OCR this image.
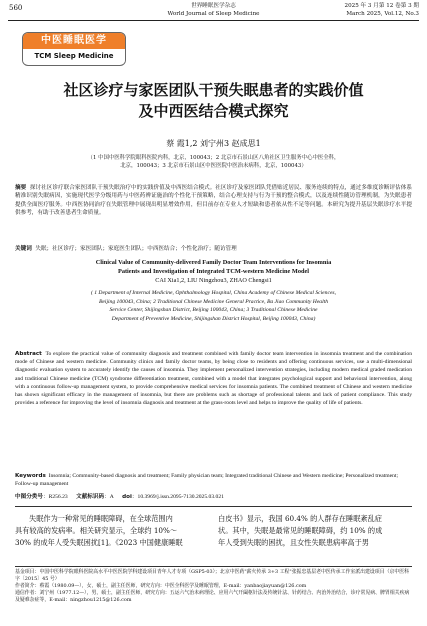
560	世界睡眠医学杂志
World Journal of Sleep Medicine
2025 年 3 月第 12 卷第 3 期
March 2025, Vol.12, No.3
中医睡眠医学
TCM Sleep Medicine
社区诊疗与家医团队干预失眠患者的实践价值
及中西医结合模式探究
蔡 霞1,2 刘宁州3 赵成思1
（1 中国中医科学院眼科医院内科，北京，100043；2 北京市石景山区八角社区卫生服务中心中医全科，
北京，100043；3 北京市石景山区中医医院中医治未病科，北京，100043）
摘要 探讨社区诊疗联合家医团队干预失眠治疗中的实践价值及中西医结合模式。社区诊疗及家医团队凭借贴近居民、服务连续的特点，通过多维度诊断评估体系精准识别失眠病因，实施现代医学分级用药与中医药辨证施治的个性化干预策略，结合心理支持与行为干预的整合模式，以及连续性随访管理机制，为失眠患者提供全面医疗服务。中西医协同治疗在失眠管理中展现出明显增效作用，但目前存在专业人才短缺和患者依从性不足等问题。本研究为提升基层失眠诊疗水平提供参考，有助于改善患者生命质量。
关键词 失眠；社区诊疗；家医团队；家庭医生团队；中西医结合；个性化治疗；随访管理
Clinical Value of Community-delivered Family Doctor Team Interventions for Insomnia
Patients and Investigation of Integrated TCM-western Medicine Model
CAI Xia1,2, LIU Ningzhou3, ZHAO Chengsi1
( 1 Department of Internal Medicine, Ophthalmology Hospital, China Academy of Chinese Medical Sciences,
Beijing 100043, China; 2 Traditional Chinese Medicine General Practice, Ba Jiao Community Health
Service Center, Shijingshan District, Beijing 100043, China; 3 Traditional Chinese Medicine
Department of Preventive Medicine, Shijingshan District Hospital, Beijing 100043, China)
Abstract To explore the practical value of community diagnosis and treatment combined with family doctor team intervention in insomnia treatment and the combination mode of Chinese and western medicine. Community clinics and family doctor teams, by being close to residents and offering continuous services, use a multi-dimensional diagnostic evaluation system to accurately identify the causes of insomnia. They implement personalized intervention strategies, including modern medical graded medication and traditional Chinese medicine (TCM) syndrome differentiation treatment, combined with a model that integrates psychological support and behavioral intervention, along with a continuous follow-up management system, to provide comprehensive medical services for insomnia patients. The combined treatment of Chinese and western medicine has shown significant efficacy in the management of insomnia, but there are problems such as shortage of professional talents and lack of patient compliance. This study provides a reference for improving the level of insomnia diagnosis and treatment at the grass-roots level and helps to improve the quality of life of patients.
Keywords Insomnia; Community-based diagnosis and treatment; Family physician team; Integrated traditional Chinese and Western medicine; Personalized treatment; Follow-up management
中图分类号：R256.23 文献标识码：A doi：10.3969/j.issn.2095-7130.2025.03.021
失眠作为一种常见的睡眠障碍，在全球范围内
具有较高的发病率。相关研究显示，全球约 10%～
30% 的成年人受失眠困扰[1]。《2023 中国健康睡眠
白皮书》显示，我国 60.4% 的人群存在睡眠紊乱症
状。其中，失眠是最常见的睡眠障碍，约 10% 的成
年人受到失眠的困扰，且女性失眠患病率高于男
基金项目：中国中医科学院眼科医院高水平中医医院学科建设项目青年人才专项（GSP5-03）；北京中医药"薪火传承 3+3 工程"张振忠基层老中医传承工作室派出建设项目（京中医科字〔2015〕45 号）
作者简介：蔡霞（1980.09—），女，硕士，副主任医师，研究方向：中医全科医学及睡眠管理，E-mail：yanbaojiayuan@126.com
通信作者：刘宁州（1977.12—），男，硕士，副主任医师，研究方向：五运六气治未病理论、应用六气开阖枢针法及传统针法、针药结合、内治外治结合，诊疗常见病、脾胃相关疾病及疑难杂症等，E-mail：ningzhou1215@126.com
